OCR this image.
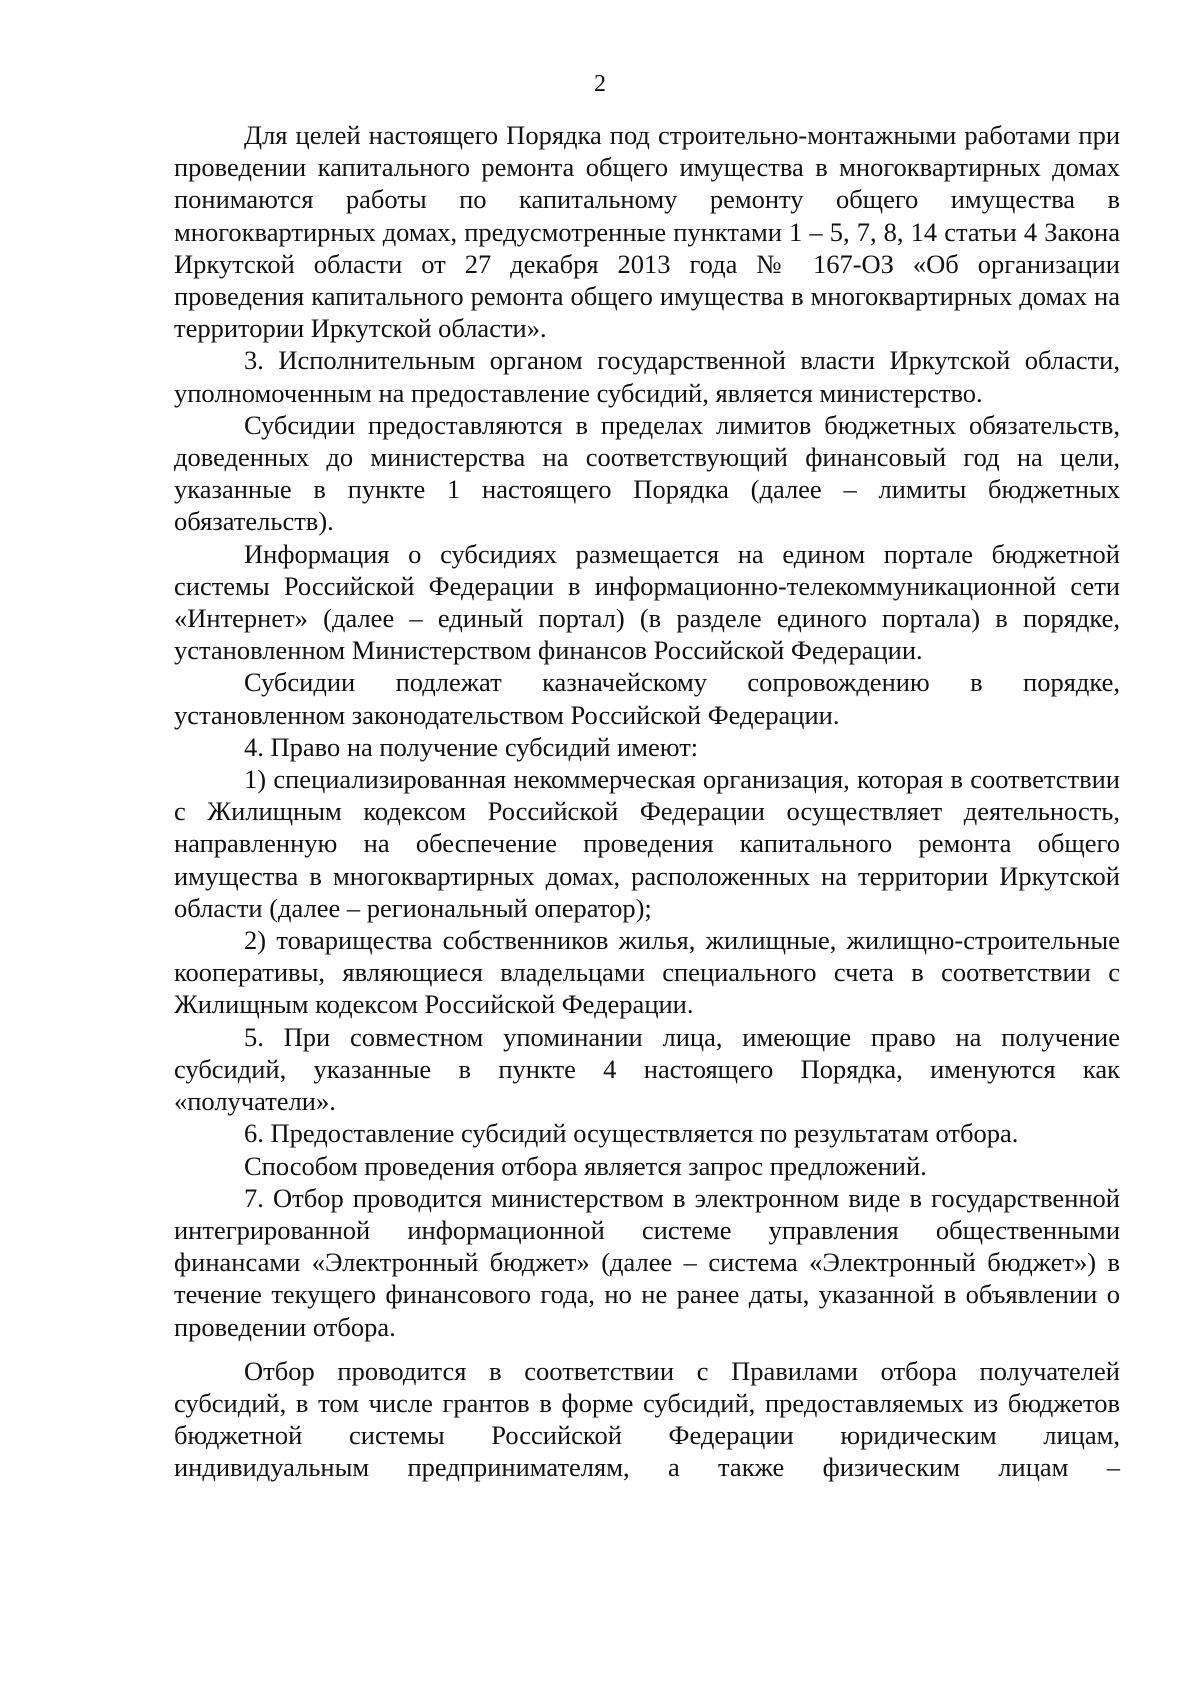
2

Для целей настоящего Порядка под строительно-монтажными работами при проведении капитального ремонта общего имущества в многоквартирных домах понимаются работы по капитальному ремонту общего имущества в многоквартирных домах, предусмотренные пунктами 1 – 5, 7, 8, 14 статьи 4 Закона Иркутской области от 27 декабря 2013 года № 167-ОЗ «Об организации проведения капитального ремонта общего имущества в многоквартирных домах на территории Иркутской области».

3. Исполнительным органом государственной власти Иркутской области, уполномоченным на предоставление субсидий, является министерство.

Субсидии предоставляются в пределах лимитов бюджетных обязательств, доведенных до министерства на соответствующий финансовый год на цели, указанные в пункте 1 настоящего Порядка (далее – лимиты бюджетных обязательств).

Информация о субсидиях размещается на едином портале бюджетной системы Российской Федерации в информационно-телекоммуникационной сети «Интернет» (далее – единый портал) (в разделе единого портала) в порядке, установленном Министерством финансов Российской Федерации.

Субсидии подлежат казначейскому сопровождению в порядке, установленном законодательством Российской Федерации.

4. Право на получение субсидий имеют:

1) специализированная некоммерческая организация, которая в соответствии с Жилищным кодексом Российской Федерации осуществляет деятельность, направленную на обеспечение проведения капитального ремонта общего имущества в многоквартирных домах, расположенных на территории Иркутской области (далее – региональный оператор);

2) товарищества собственников жилья, жилищные, жилищно-строительные кооперативы, являющиеся владельцами специального счета в соответствии с Жилищным кодексом Российской Федерации.

5. При совместном упоминании лица, имеющие право на получение субсидий, указанные в пункте 4 настоящего Порядка, именуются как «получатели».

6. Предоставление субсидий осуществляется по результатам отбора.

Способом проведения отбора является запрос предложений.

7. Отбор проводится министерством в электронном виде в государственной интегрированной информационной системе управления общественными финансами «Электронный бюджет» (далее – система «Электронный бюджет») в течение текущего финансового года, но не ранее даты, указанной в объявлении о проведении отбора.

Отбор проводится в соответствии с Правилами отбора получателей субсидий, в том числе грантов в форме субсидий, предоставляемых из бюджетов бюджетной системы Российской Федерации юридическим лицам, индивидуальным предпринимателям, а также физическим лицам –
